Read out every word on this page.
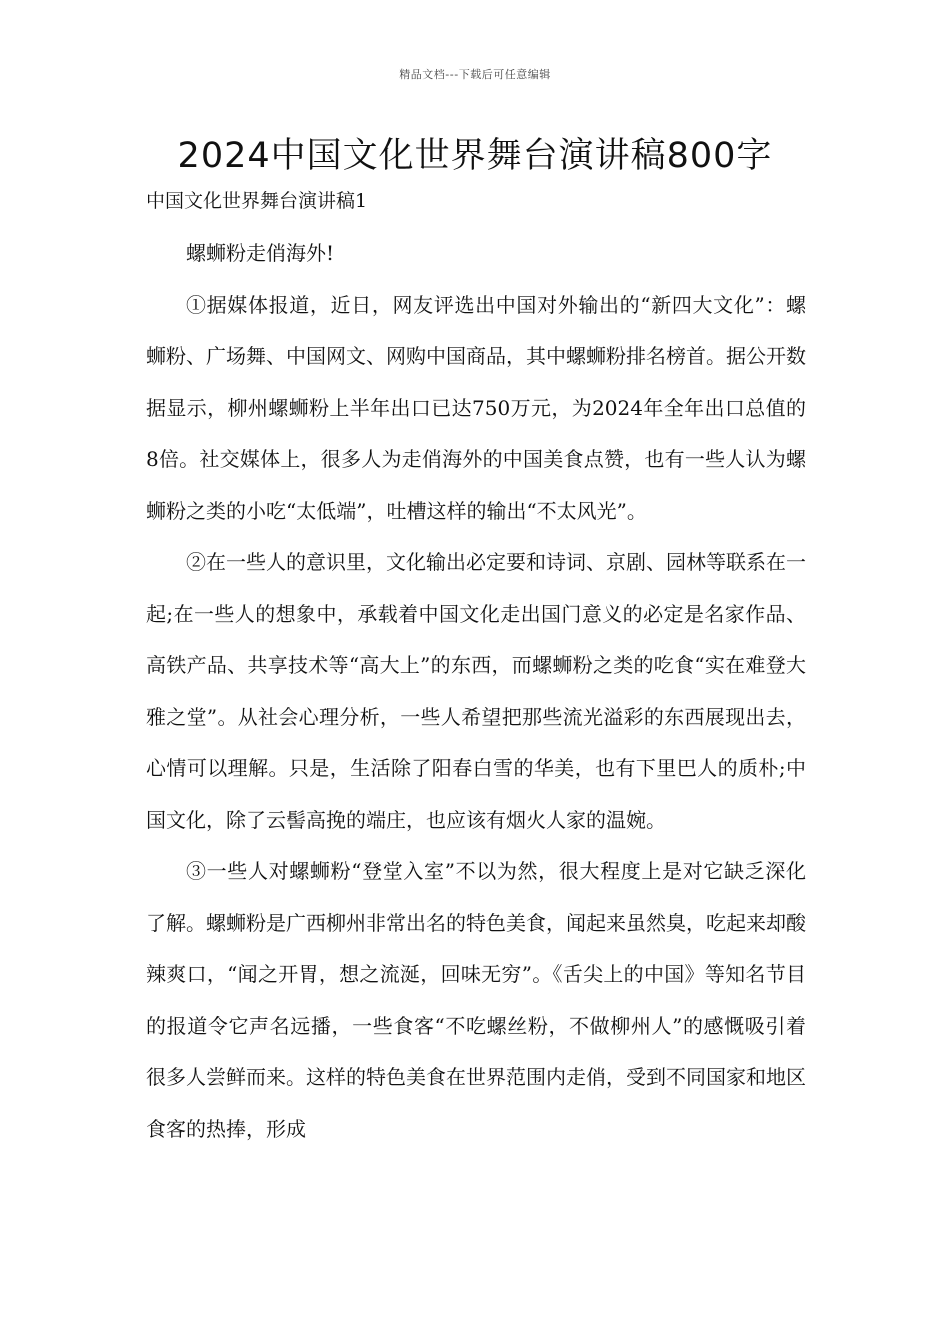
精品文档---下载后可任意编辑
2024中国文化世界舞台演讲稿800字
中国文化世界舞台演讲稿1

螺蛳粉走俏海外!

①据媒体报道，近日，网友评选出中国对外输出的“新四大文化”：螺蛳粉、广场舞、中国网文、网购中国商品，其中螺蛳粉排名榜首。据公开数据显示，柳州螺蛳粉上半年出口已达750万元，为2024年全年出口总值的8倍。社交媒体上，很多人为走俏海外的中国美食点赞，也有一些人认为螺蛳粉之类的小吃“太低端”，吐槽这样的输出“不太风光”。

②在一些人的意识里，文化输出必定要和诗词、京剧、园林等联系在一起;在一些人的想象中，承载着中国文化走出国门意义的必定是名家作品、高铁产品、共享技术等“高大上”的东西，而螺蛳粉之类的吃食“实在难登大雅之堂”。从社会心理分析，一些人希望把那些流光溢彩的东西展现出去，心情可以理解。只是，生活除了阳春白雪的华美，也有下里巴人的质朴;中国文化，除了云髻高挽的端庄，也应该有烟火人家的温婉。

③一些人对螺蛳粉“登堂入室”不以为然，很大程度上是对它缺乏深化了解。螺蛳粉是广西柳州非常出名的特色美食，闻起来虽然臭，吃起来却酸辣爽口，“闻之开胃，想之流涎，回味无穷”。《舌尖上的中国》等知名节目的报道令它声名远播，一些食客“不吃螺丝粉，不做柳州人”的感慨吸引着很多人尝鲜而来。这样的特色美食在世界范围内走俏，受到不同国家和地区食客的热捧，形成
